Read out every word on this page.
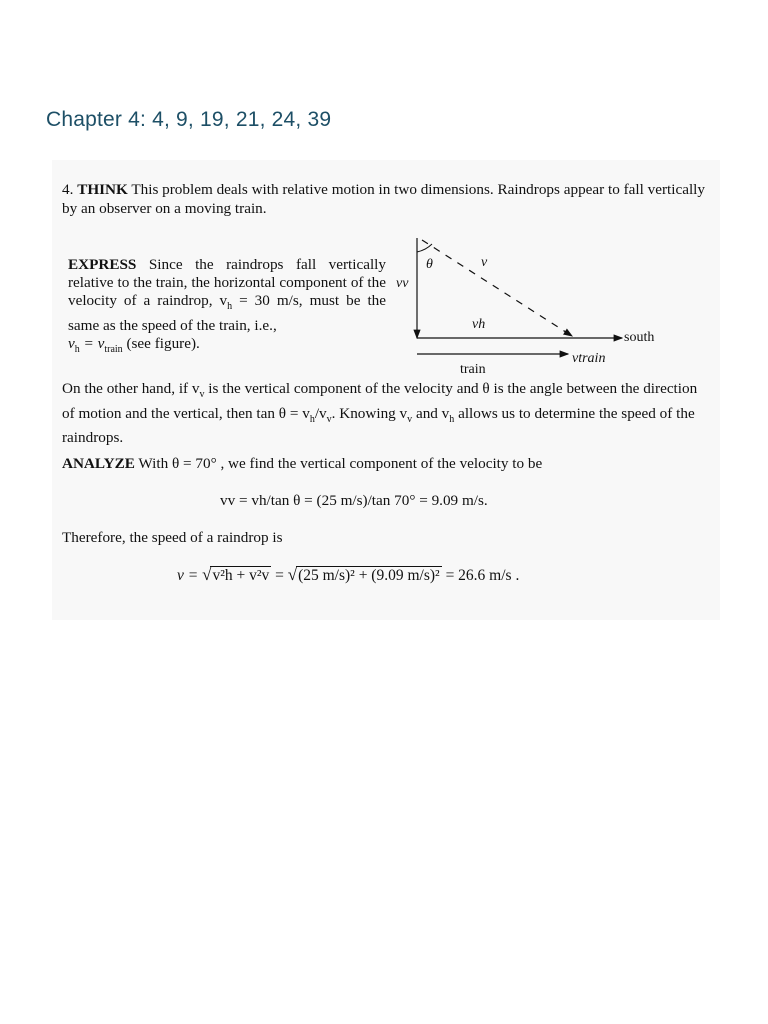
Chapter 4: 4, 9, 19, 21, 24, 39

4. THINK This problem deals with relative motion in two dimensions. Raindrops appear to fall vertically by an observer on a moving train.

EXPRESS Since the raindrops fall vertically relative to the train, the horizontal component of the velocity of a raindrop, $v_h = 30$ m/s, must be the same as the speed of the train, i.e.,
$v_h = v_{train}$ (see figure).

θ	v⃗
vv
vh
south
vtrain
train

On the other hand, if $v_v$ is the vertical component of the velocity and θ is the angle between the direction of motion and the vertical, then $\tan \theta = v_h/v_v$. Knowing $v_v$ and $v_h$ allows us to determine the speed of the raindrops.

ANALYZE With θ = 70° , we find the vertical component of the velocity to be

vv = vh/tan θ = (25 m/s)/tan 70° = 9.09 m/s.

Therefore, the speed of a raindrop is

v = √v²h + v²v = √(25 m/s)² + (9.09 m/s)² = 26.6 m/s .
